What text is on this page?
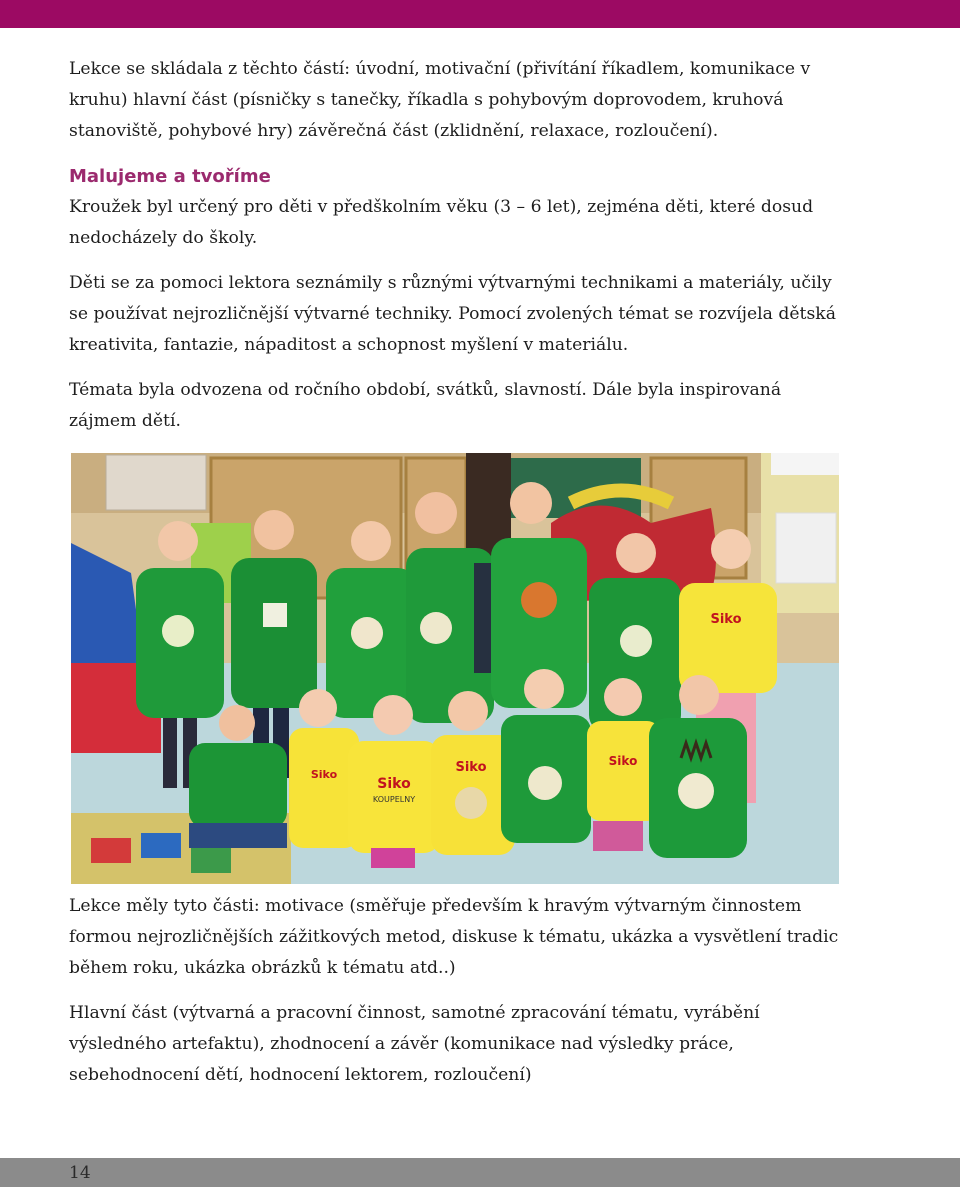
Lekce se skládala z těchto částí: úvodní, motivační (přivítání říkadlem, komunikace v kruhu) hlavní část (písničky s tanečky, říkadla s pohybovým doprovodem, kruhová stanoviště, pohybové hry) závěrečná část (zklidnění, relaxace, rozloučení).

Malujeme a tvoříme

Kroužek byl určený pro děti v předškolním věku (3 – 6 let), zejména děti, které dosud nedocházely do školy.

Děti se za pomoci lektora seznámily s různými výtvarnými technikami a materiály, učily se používat nejrozličnější výtvarné techniky. Pomocí zvolených témat se rozvíjela dětská kreativita, fantazie, nápaditost a schopnost myšlení v materiálu.

Témata byla odvozena od ročního období, svátků, slavností. Dále byla inspirovaná zájmem dětí.

Siko
Siko
Siko
KOUPELNY
Siko	Siko

Lekce měly tyto části: motivace (směřuje především k hravým výtvarným činnostem formou nejrozličnějších zážitkových metod, diskuse k tématu, ukázka a vysvětlení tradic během roku, ukázka obrázků k tématu atd..)

Hlavní část (výtvarná a pracovní činnost, samotné zpracování tématu, vyrábění výsledného artefaktu), zhodnocení a závěr (komunikace nad výsledky práce, sebehodnocení dětí, hodnocení lektorem, rozloučení)

14
